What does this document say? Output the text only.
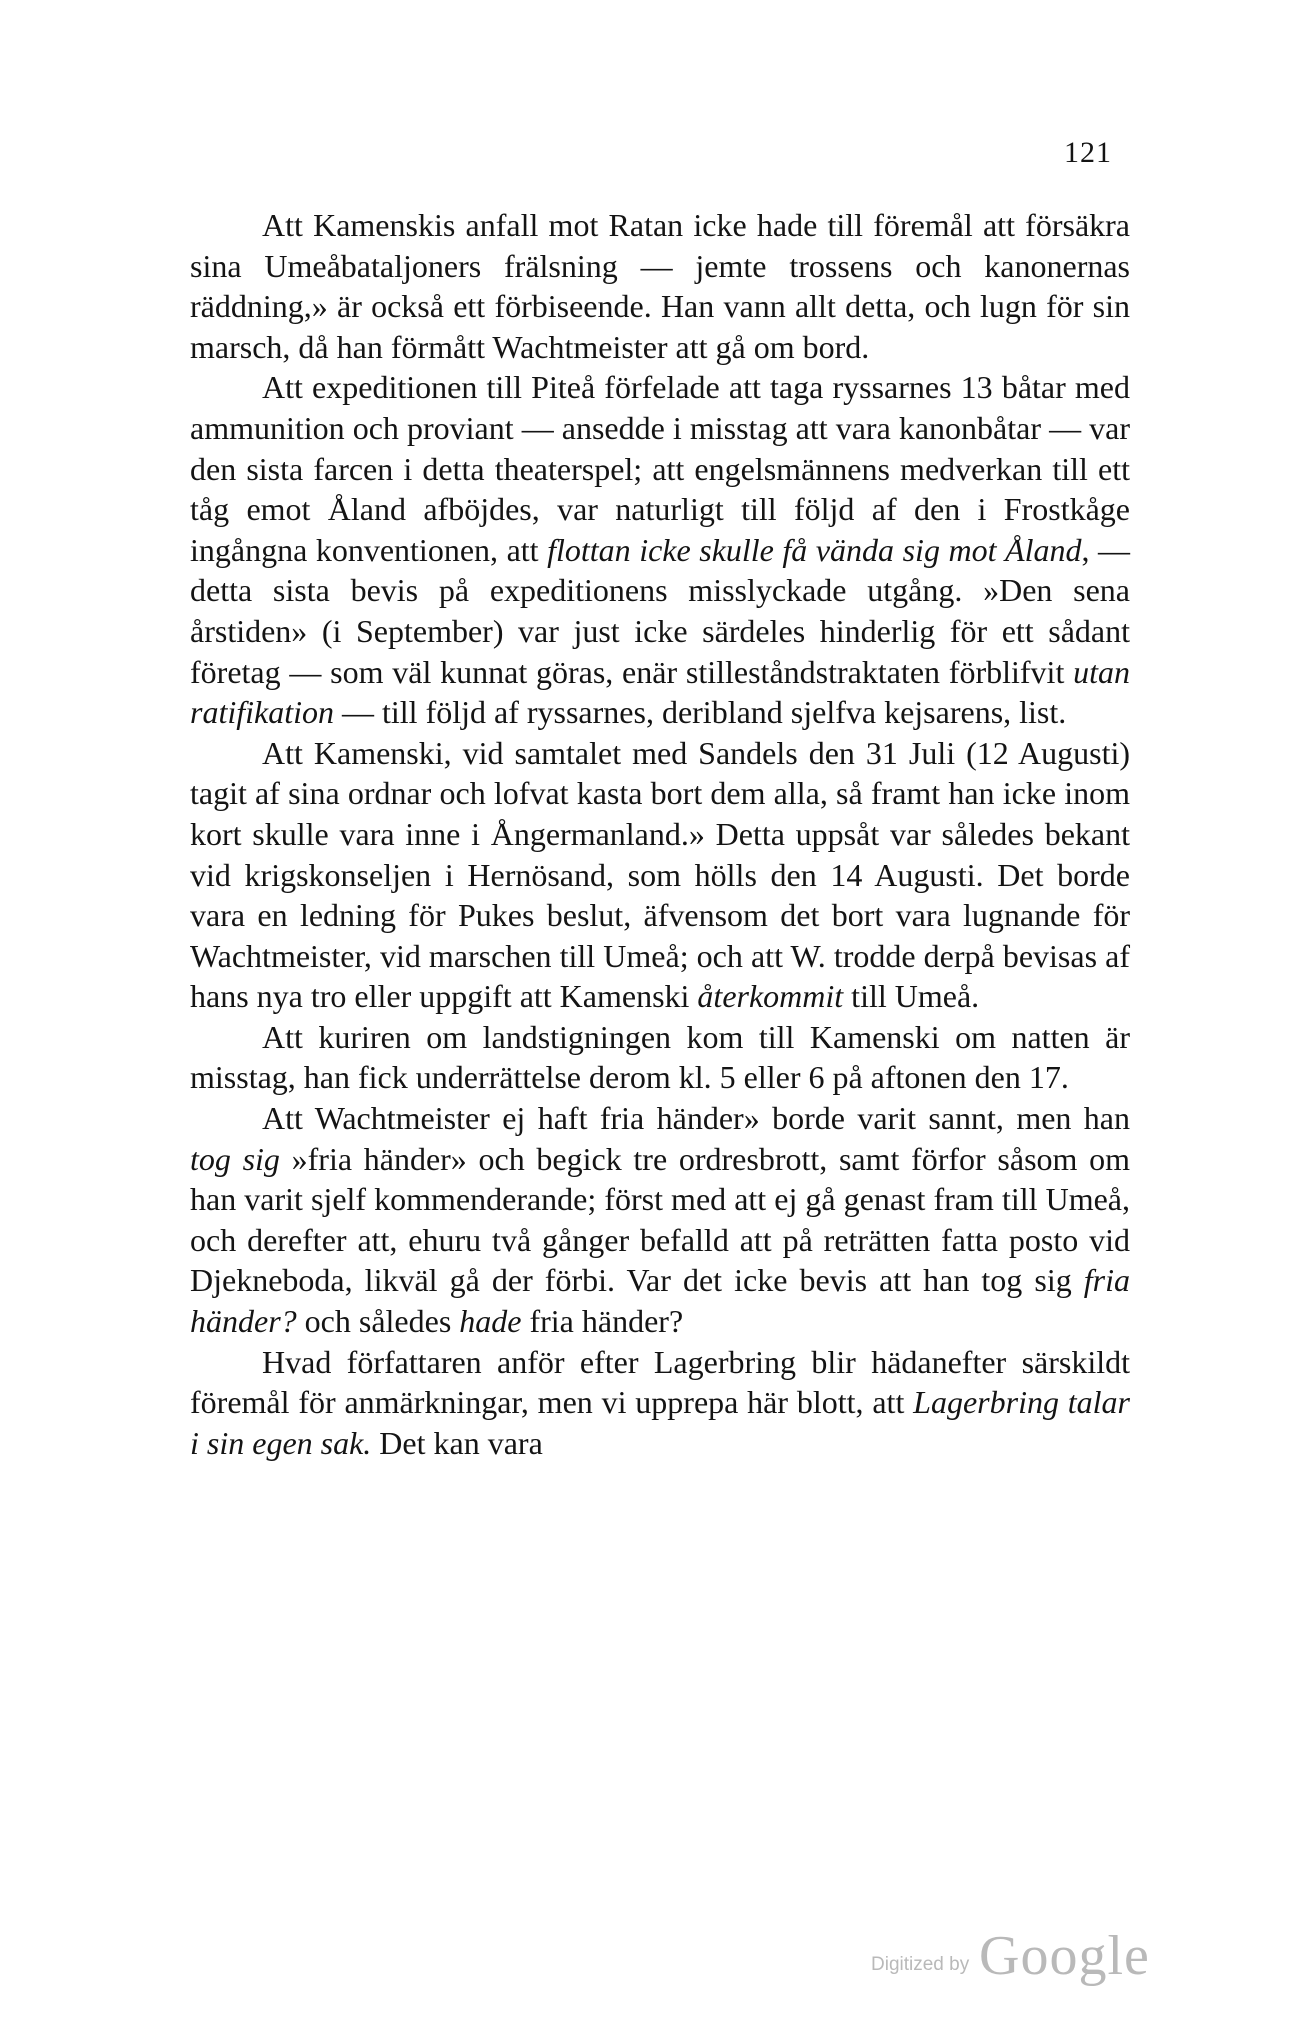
121

Att Kamenskis anfall mot Ratan icke hade till föremål att försäkra sina Umeåbataljoners frälsning — jemte trossens och kanonernas räddning,» är också ett förbiseende. Han vann allt detta, och lugn för sin marsch, då han förmått Wachtmeister att gå om bord.

Att expeditionen till Piteå förfelade att taga ryssarnes 13 båtar med ammunition och proviant — ansedde i misstag att vara kanonbåtar — var den sista farcen i detta theaterspel; att engelsmännens medverkan till ett tåg emot Åland afböjdes, var naturligt till följd af den i Frostkåge ingångna konventionen, att flottan icke skulle få vända sig mot Åland, — detta sista bevis på expeditionens misslyckade utgång. »Den sena årstiden» (i September) var just icke särdeles hinderlig för ett sådant företag — som väl kunnat göras, enär stilleståndstraktaten förblifvit utan ratifikation — till följd af ryssarnes, deribland sjelfva kejsarens, list.

Att Kamenski, vid samtalet med Sandels den 31 Juli (12 Augusti) tagit af sina ordnar och lofvat kasta bort dem alla, så framt han icke inom kort skulle vara inne i Ångermanland.» Detta uppsåt var således bekant vid krigskonseljen i Hernösand, som hölls den 14 Augusti. Det borde vara en ledning för Pukes beslut, äfvensom det bort vara lugnande för Wachtmeister, vid marschen till Umeå; och att W. trodde derpå bevisas af hans nya tro eller uppgift att Kamenski återkommit till Umeå.

Att kuriren om landstigningen kom till Kamenski om natten är misstag, han fick underrättelse derom kl. 5 eller 6 på aftonen den 17.

Att Wachtmeister ej haft fria händer» borde varit sannt, men han tog sig »fria händer» och begick tre ordresbrott, samt förfor såsom om han varit sjelf kommenderande; först med att ej gå genast fram till Umeå, och derefter att, ehuru två gånger befalld att på reträtten fatta posto vid Djekneboda, likväl gå der förbi. Var det icke bevis att han tog sig fria händer? och således hade fria händer?

Hvad författaren anför efter Lagerbring blir hädanefter särskildt föremål för anmärkningar, men vi upprepa här blott, att Lagerbring talar i sin egen sak. Det kan vara

Digitized by Google
